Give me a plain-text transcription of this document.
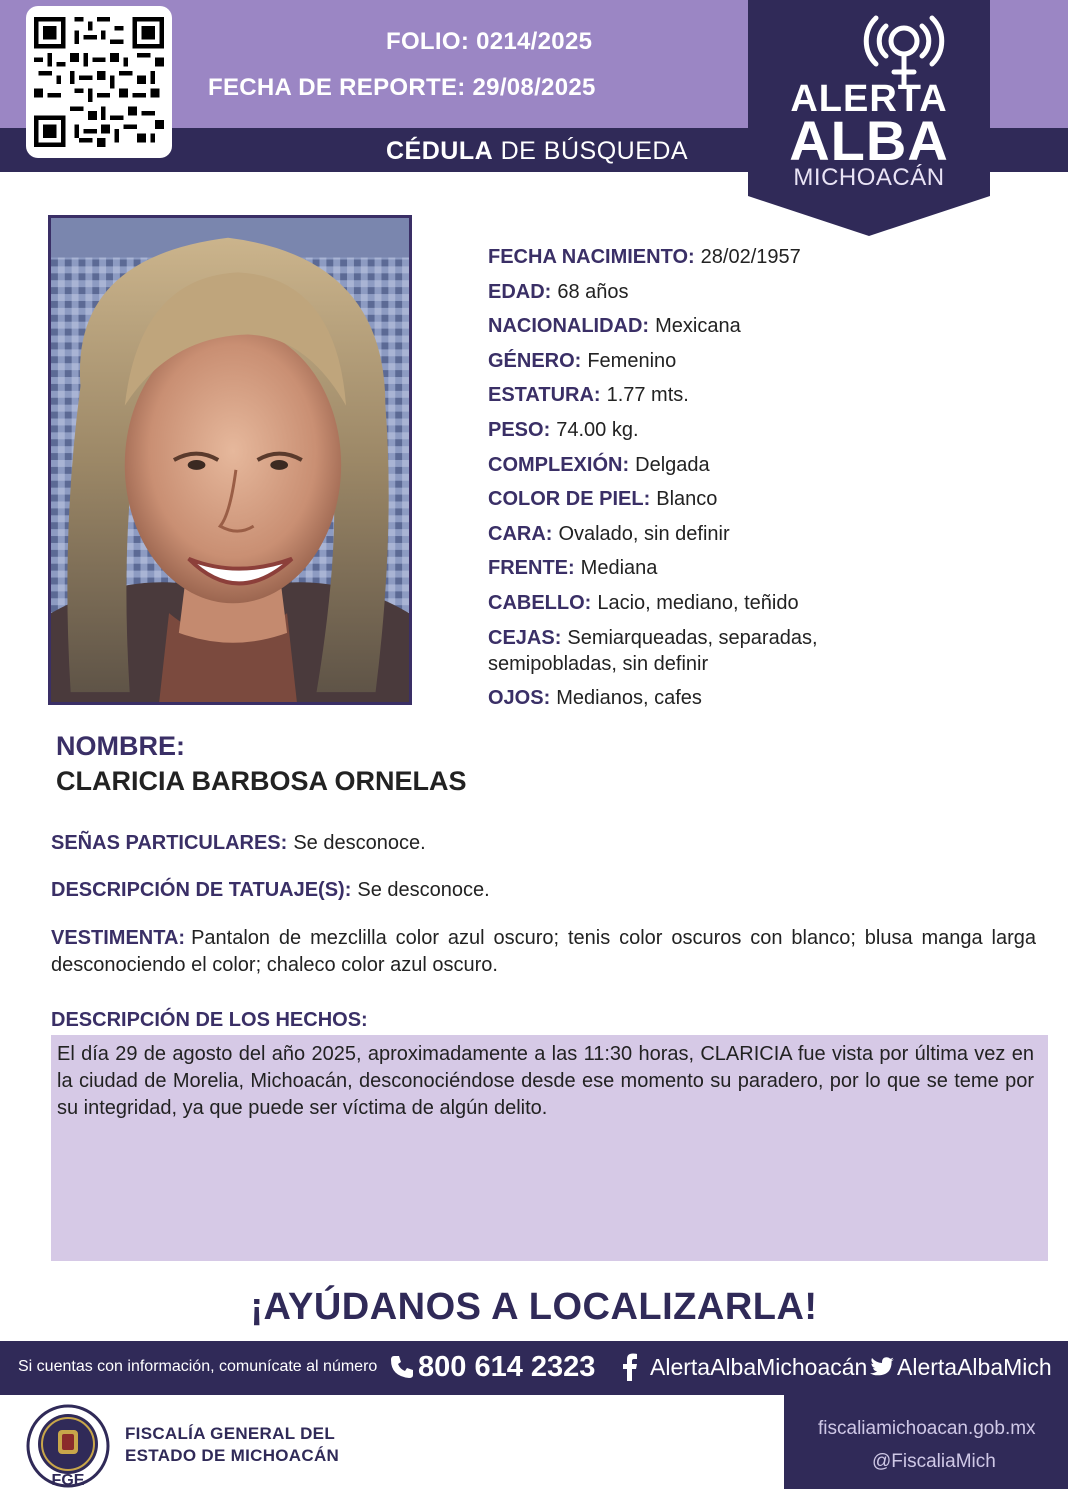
FOLIO: 0214/2025
FECHA DE REPORTE: 29/08/2025
CÉDULA DE BÚSQUEDA
ALERTA
ALBA
MICHOACÁN
FECHA NACIMIENTO: 28/02/1957
EDAD: 68 años
NACIONALIDAD: Mexicana
GÉNERO: Femenino
ESTATURA: 1.77 mts.
PESO: 74.00 kg.
COMPLEXIÓN: Delgada
COLOR DE PIEL: Blanco
CARA: Ovalado, sin definir
FRENTE: Mediana
CABELLO: Lacio, mediano, teñido
CEJAS: Semiarqueadas, separadas, semipobladas, sin definir
OJOS: Medianos, cafes
NOMBRE:
CLARICIA BARBOSA ORNELAS
SEÑAS PARTICULARES: Se desconoce.
DESCRIPCIÓN DE TATUAJE(S): Se desconoce.
VESTIMENTA: Pantalon de mezclilla color azul oscuro; tenis color oscuros con blanco; blusa manga larga desconociendo el color; chaleco color azul oscuro.
DESCRIPCIÓN DE LOS HECHOS:
El día 29 de agosto del año 2025, aproximadamente a las 11:30 horas, CLARICIA fue vista por última vez en la ciudad de Morelia, Michoacán, desconociéndose desde ese momento su paradero, por lo que se teme por su integridad, ya que puede ser víctima de algún delito.
¡AYÚDANOS A LOCALIZARLA!
Si cuentas con información, comunícate al número 800 614 2323 AlertaAlbaMichoacán AlertaAlbaMich
FGE
FISCALÍA GENERAL DEL
ESTADO DE MICHOACÁN
fiscaliamichoacan.gob.mx
@FiscaliaMich
